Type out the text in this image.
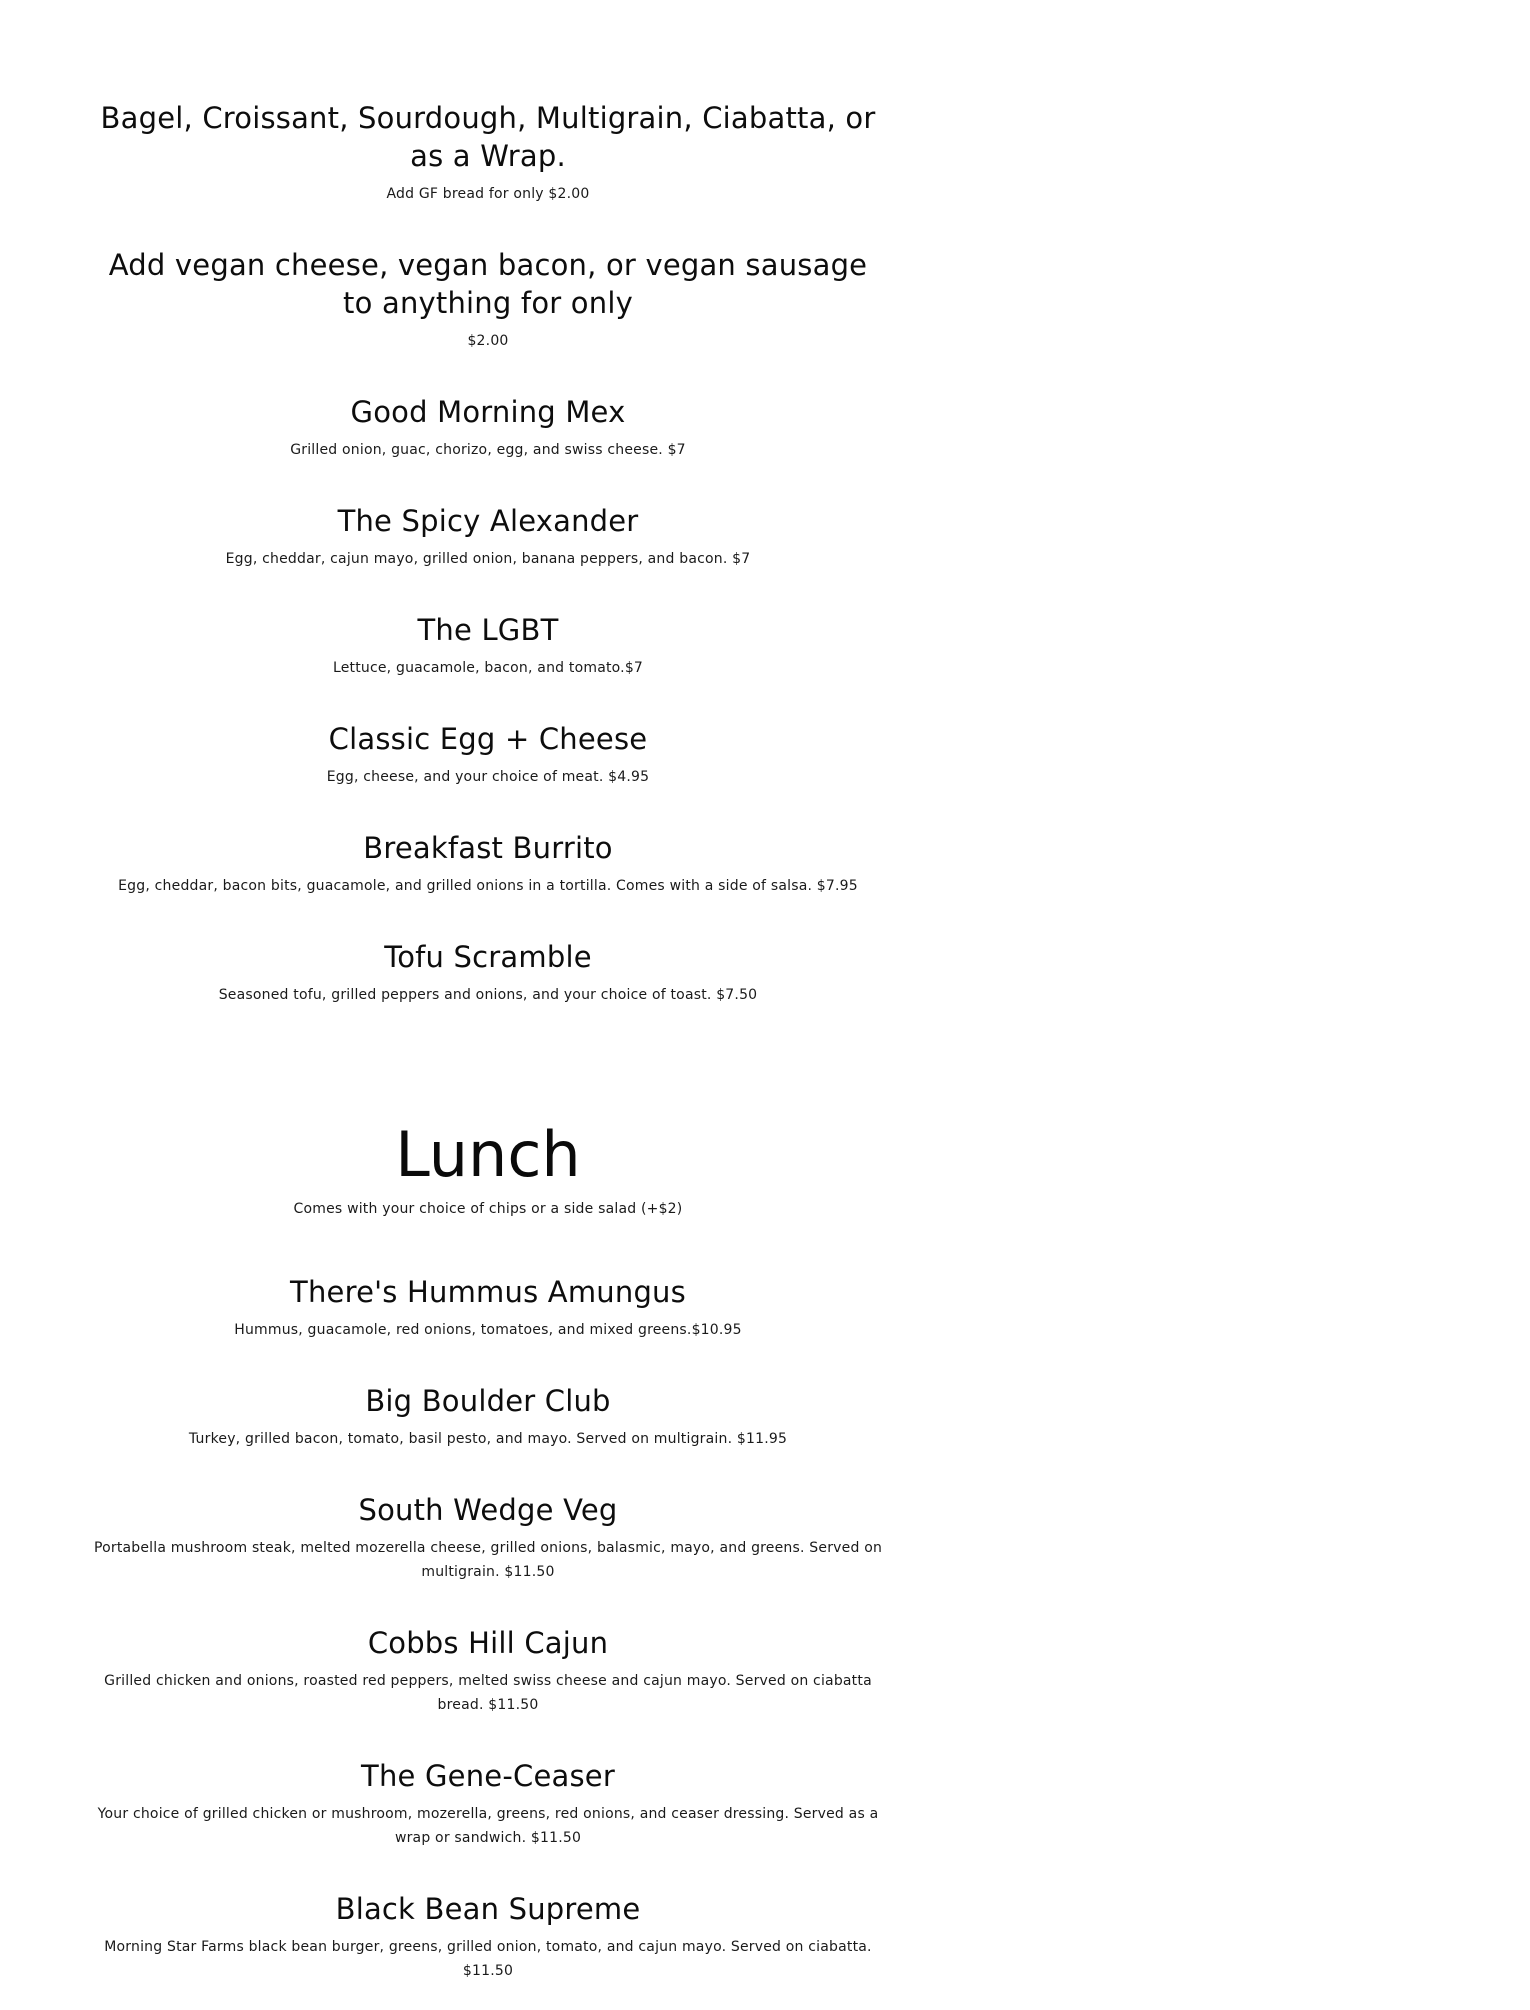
Bagel, Croissant, Sourdough, Multigrain, Ciabatta, or as a Wrap.

Add GF bread for only $2.00

Add vegan cheese, vegan bacon, or vegan sausage to anything for only

$2.00

Good Morning Mex

Grilled onion, guac, chorizo, egg, and swiss cheese. $7

The Spicy Alexander

Egg, cheddar, cajun mayo, grilled onion, banana peppers, and bacon. $7

The LGBT

Lettuce, guacamole, bacon, and tomato.$7

Classic Egg + Cheese

Egg, cheese, and your choice of meat. $4.95

Breakfast Burrito

Egg, cheddar, bacon bits, guacamole, and grilled onions in a tortilla. Comes with a side of salsa. $7.95

Tofu Scramble

Seasoned tofu, grilled peppers and onions, and your choice of toast. $7.50

Lunch

Comes with your choice of chips or a side salad (+$2)

There's Hummus Amungus

Hummus, guacamole, red onions, tomatoes, and mixed greens.$10.95

Big Boulder Club

Turkey, grilled bacon, tomato, basil pesto, and mayo. Served on multigrain. $11.95

South Wedge Veg

Portabella mushroom steak, melted mozerella cheese, grilled onions, balasmic, mayo, and greens. Served on multigrain. $11.50

Cobbs Hill Cajun

Grilled chicken and onions, roasted red peppers, melted swiss cheese and cajun mayo. Served on ciabatta bread. $11.50

The Gene-Ceaser

Your choice of grilled chicken or mushroom, mozerella, greens, red onions, and ceaser dressing. Served as a wrap or sandwich. $11.50

Black Bean Supreme

Morning Star Farms black bean burger, greens, grilled onion, tomato, and cajun mayo. Served on ciabatta. $11.50
